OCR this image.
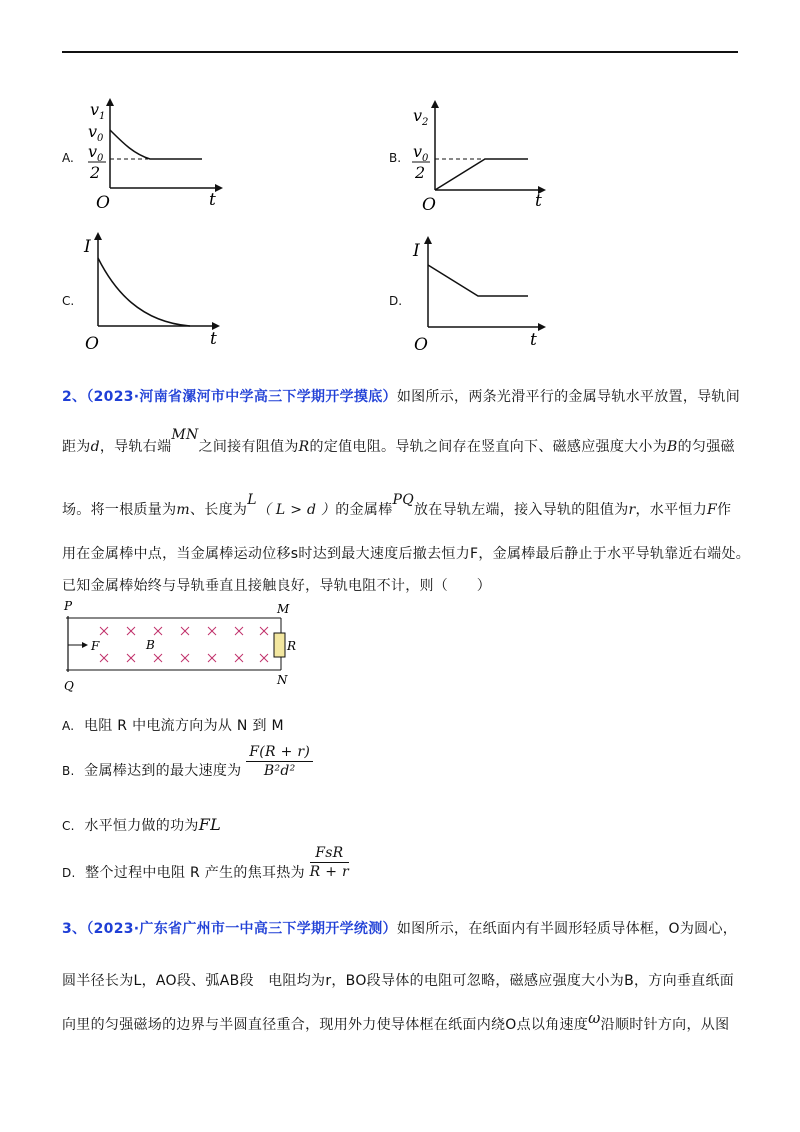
A.
v 1
v 0
v 0
2
O	t
B.
v 2
v 0
2
O	t
C.
I
O	t
D.
I
O	t
2、（2023·河南省漯河市中学高三下学期开学摸底）如图所示，两条光滑平行的金属导轨水平放置，导轨间
距为d，导轨右端MN之间接有阻值为R的定值电阻。导轨之间存在竖直向下、磁感应强度大小为B的匀强磁
场。将一根质量为m、长度为L（ L > d ）的金属棒PQ放在导轨左端，接入导轨的阻值为r，水平恒力F作
用在金属棒中点，当金属棒运动位移s时达到最大速度后撤去恒力F，金属棒最后静止于水平导轨靠近右端处。
已知金属棒始终与导轨垂直且接触良好，导轨电阻不计，则（　　）
P
Q
M
N
F	B	R
A. 电阻 R 中电流方向为从 N 到 M
B. 金属棒达到的最大速度为 $\frac{F(R + r)}{\text{B²d²}}$
C. 水平恒力做的功为FL
D. 整个过程中电阻 R 产生的焦耳热为 $\frac{\text{FsR}}{R + r}$
3、（2023·广东省广州市一中高三下学期开学统测）如图所示，在纸面内有半圆形轻质导体框，O为圆心，
圆半径长为L，AO段、弧AB段　电阻均为r，BO段导体的电阻可忽略，磁感应强度大小为B，方向垂直纸面
向里的匀强磁场的边界与半圆直径重合，现用外力使导体框在纸面内绕O点以角速度ω沿顺时针方向，从图
